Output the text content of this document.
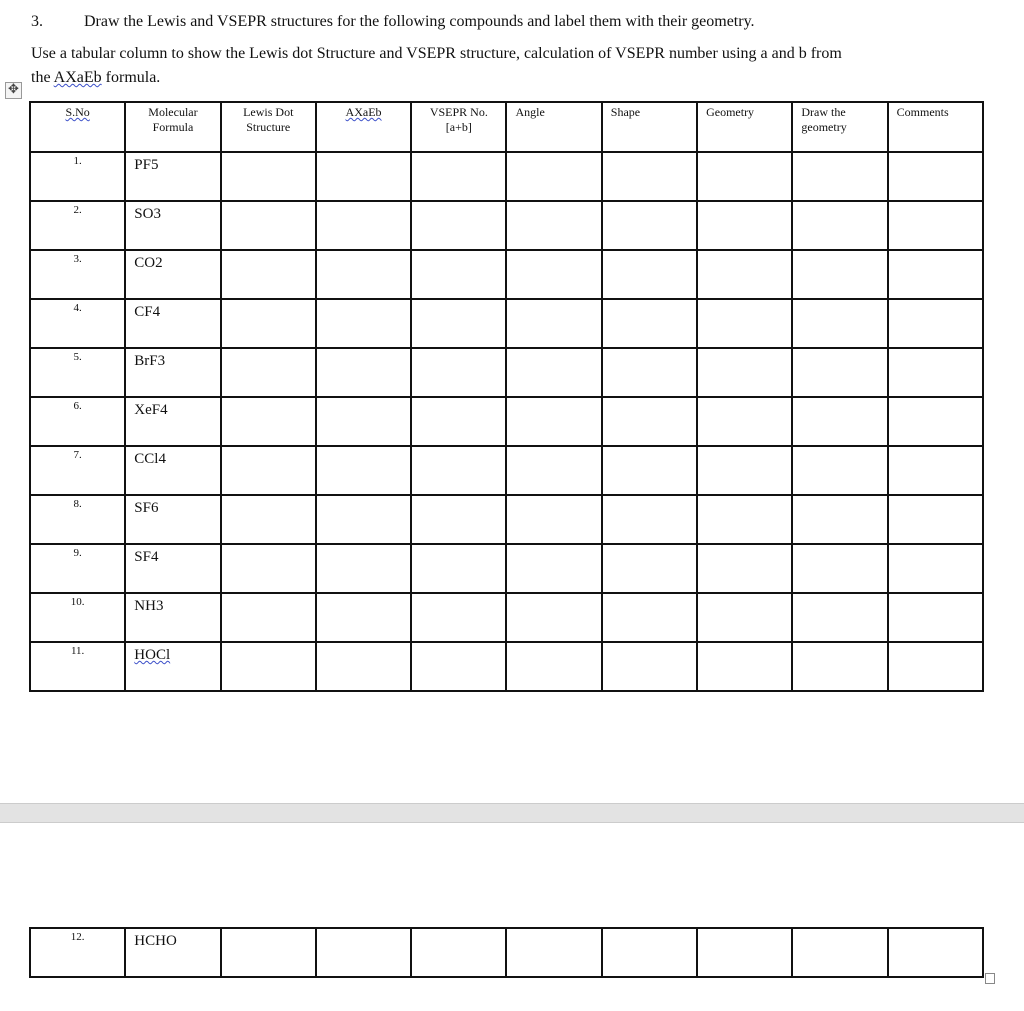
3.	Draw the Lewis and VSEPR structures for the following compounds and label them with their geometry.
Use a tabular column to show the Lewis dot Structure and VSEPR structure, calculation of VSEPR number using a and b from
the AXaEb formula.
✥
S.No	Molecular Formula	Lewis Dot Structure	AXaEb	VSEPR No. [a+b]	Angle	Shape	Geometry	Draw the geometry	Comments
1.	PF5								
2.	SO3								
3.	CO2								
4.	CF4								
5.	BrF3								
6.	XeF4								
7.	CCl4								
8.	SF6								
9.	SF4								
10.	NH3								
11.	HOCl								
12.	HCHO								
